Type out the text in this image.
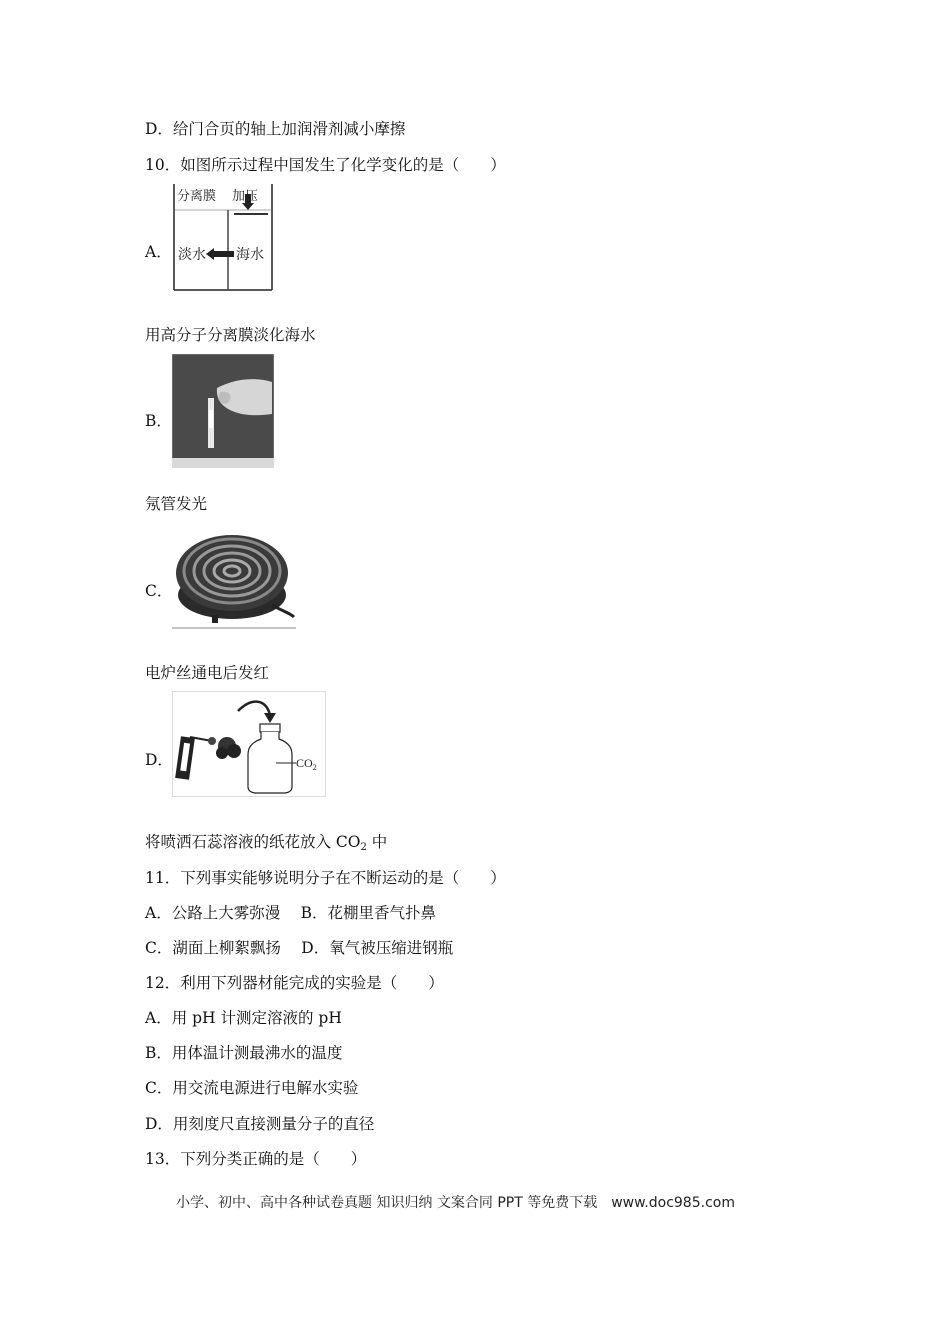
D．给门合页的轴上加润滑剂减小摩擦
10．如图所示过程中国发生了化学变化的是（　　）
A．
分离膜 加压
淡水 海水
用高分子分离膜淡化海水
B．
氖管发光
C．
电炉丝通电后发红
D．	$CO_2$
将喷洒石蕊溶液的纸花放入 $CO_2$ 中
11．下列事实能够说明分子在不断运动的是（　　）
A．公路上大雾弥漫　 B．花棚里香气扑鼻
C．湖面上柳絮飘扬　 D．氧气被压缩进钢瓶
12．利用下列器材能完成的实验是（　　）
A．用 pH 计测定溶液的 pH
B．用体温计测最沸水的温度
C．用交流电源进行电解水实验
D．用刻度尺直接测量分子的直径
13．下列分类正确的是（　　）
小学、初中、高中各种试卷真题 知识归纳 文案合同 PPT 等免费下载　www.doc985.com
